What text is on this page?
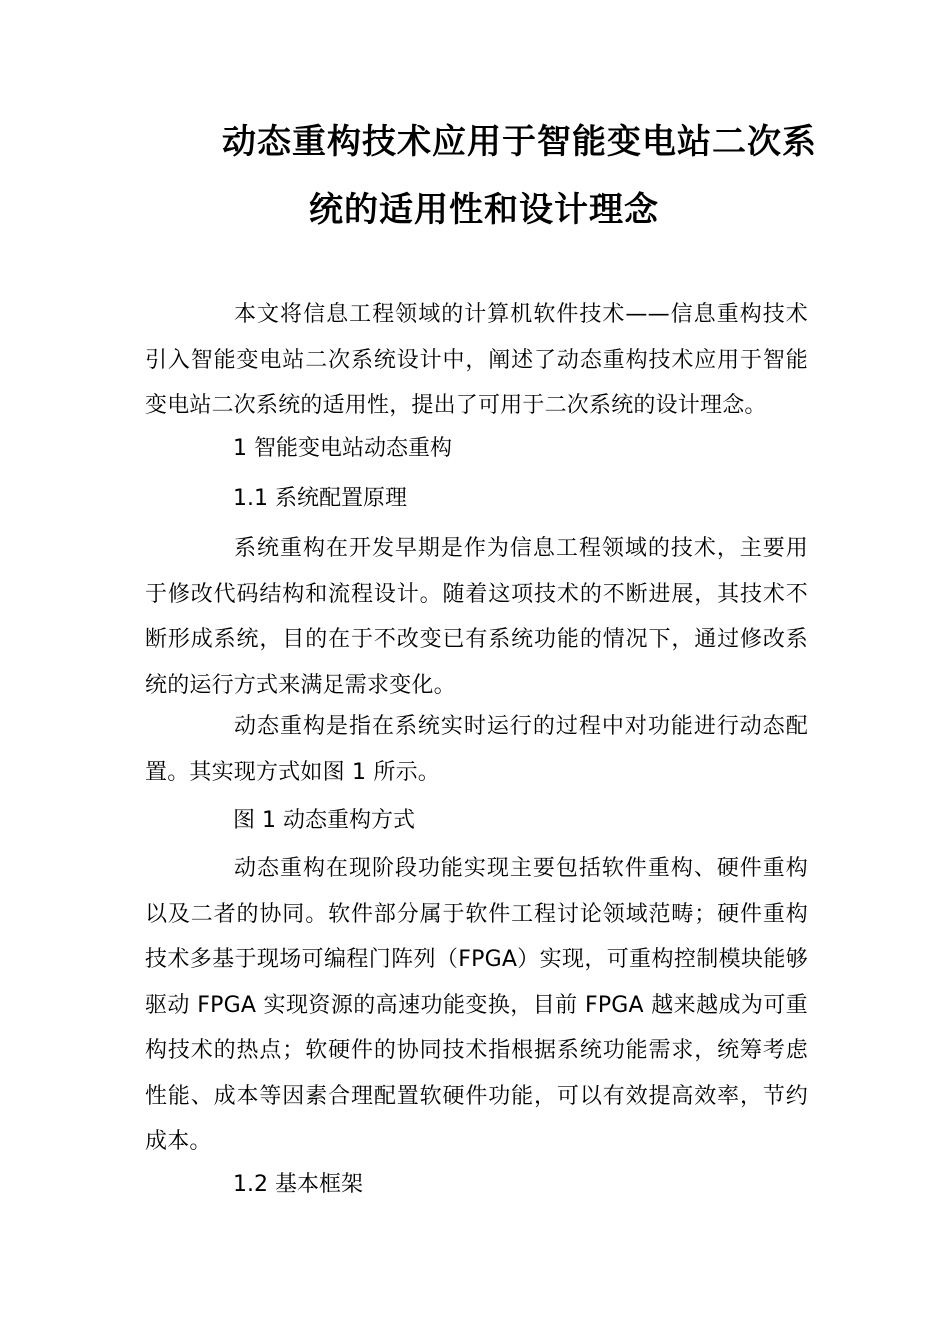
动态重构技术应用于智能变电站二次系
统的适用性和设计理念
本文将信息工程领域的计算机软件技术——信息重构技术引入智能变电站二次系统设计中，阐述了动态重构技术应用于智能变电站二次系统的适用性，提出了可用于二次系统的设计理念。
1 智能变电站动态重构
1.1 系统配置原理
系统重构在开发早期是作为信息工程领域的技术，主要用于修改代码结构和流程设计。随着这项技术的不断进展，其技术不断形成系统，目的在于不改变已有系统功能的情况下，通过修改系统的运行方式来满足需求变化。
动态重构是指在系统实时运行的过程中对功能进行动态配置。其实现方式如图 1 所示。
图 1 动态重构方式
动态重构在现阶段功能实现主要包括软件重构、硬件重构以及二者的协同。软件部分属于软件工程讨论领域范畴；硬件重构技术多基于现场可编程门阵列（FPGA）实现，可重构控制模块能够驱动 FPGA 实现资源的高速功能变换，目前 FPGA 越来越成为可重构技术的热点；软硬件的协同技术指根据系统功能需求，统筹考虑性能、成本等因素合理配置软硬件功能，可以有效提高效率，节约成本。
1.2 基本框架
